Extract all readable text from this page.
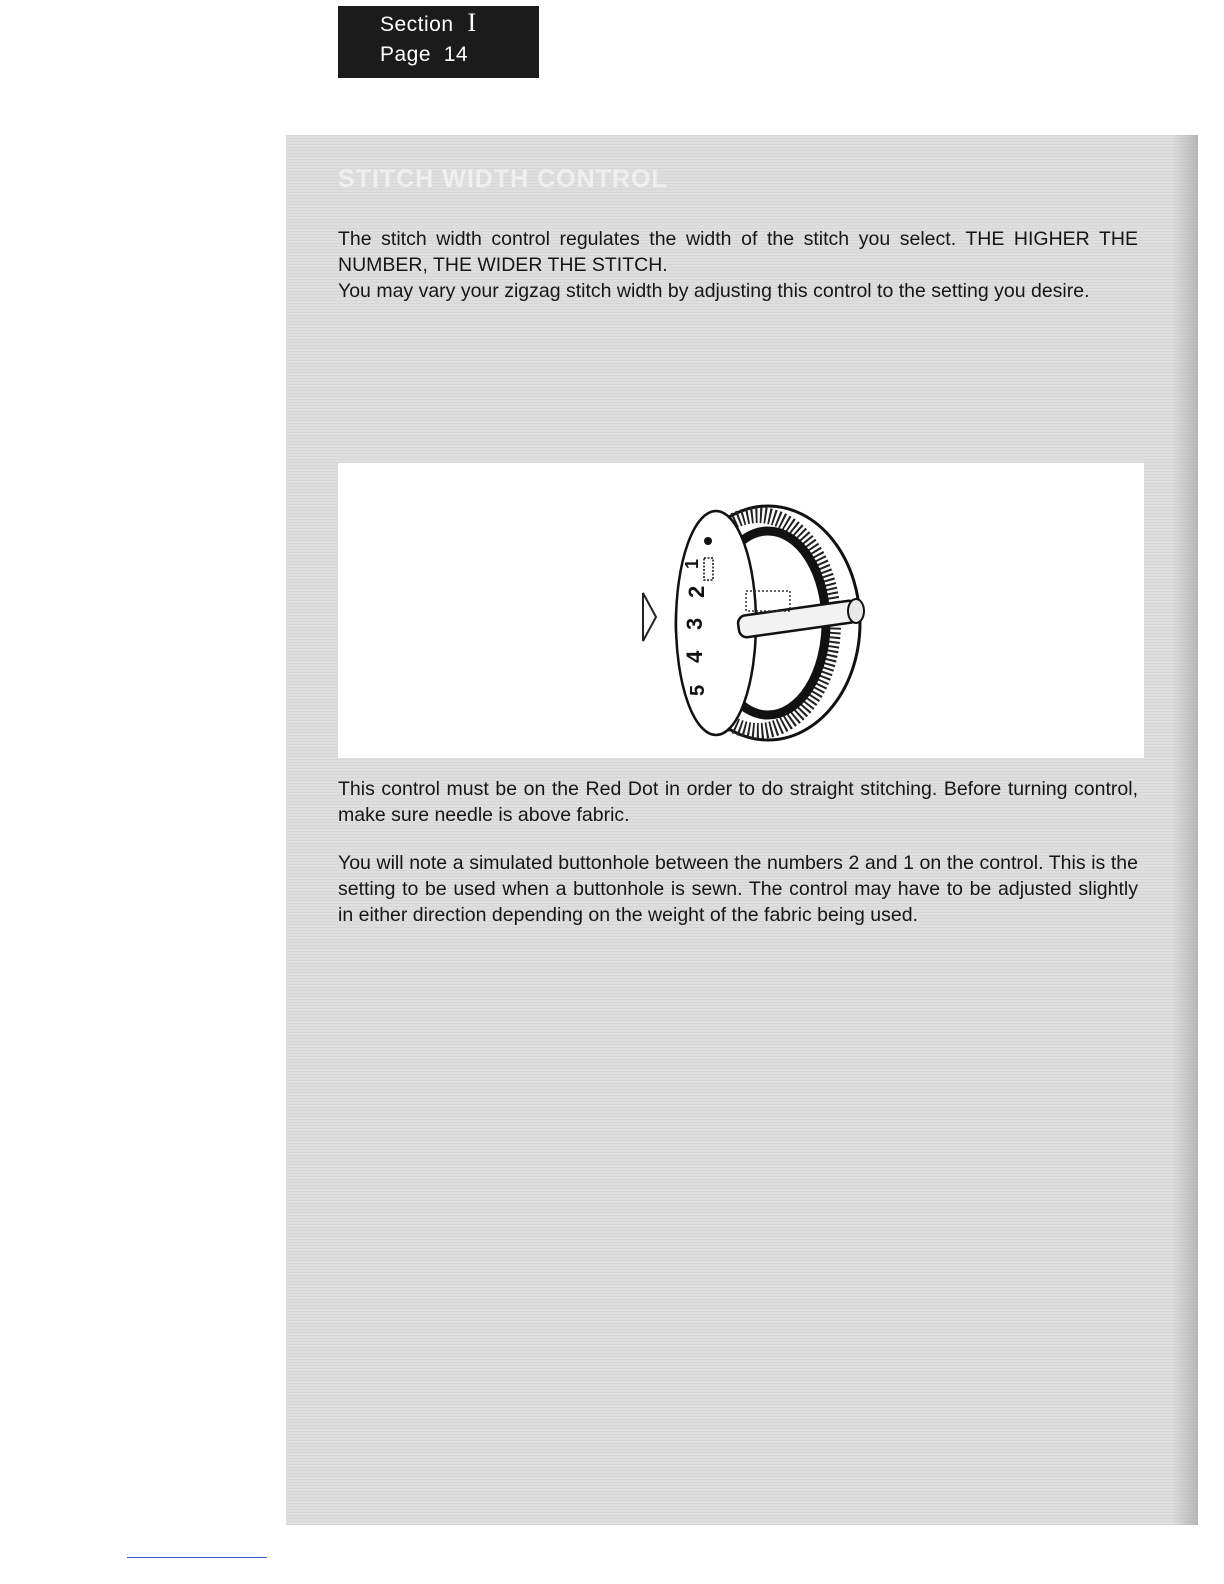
Section I
Page 14
STITCH WIDTH CONTROL

The stitch width control regulates the width of the stitch you select. THE HIGHER THE NUMBER, THE WIDER THE STITCH.

You may vary your zigzag stitch width by adjusting this control to the setting you desire.

1
2
3
4
5

This control must be on the Red Dot in order to do straight stitching. Before turning control, make sure needle is above fabric.

You will note a simulated buttonhole between the numbers 2 and 1 on the control. This is the setting to be used when a buttonhole is sewn. The control may have to be adjusted slightly in either direction depending on the weight of the fabric being used.
